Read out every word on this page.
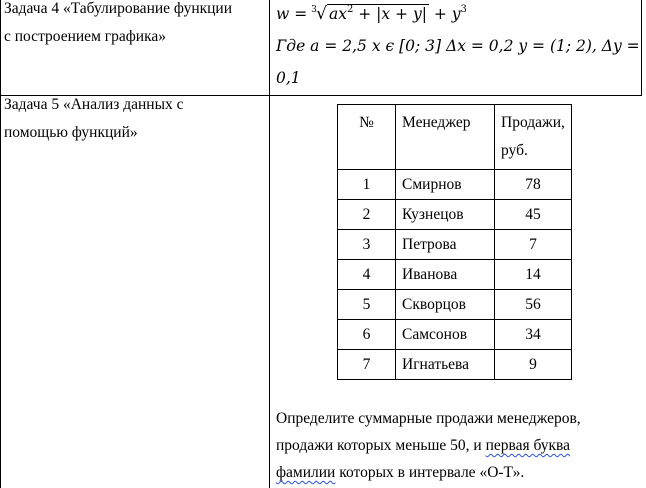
Задача 4 «Табулирование функции
с построением графика»
w = 3 √ $ax^2 + |x + y| + y^3$
Где a = 2,5 x ϵ [0; 3] Δx = 0,2 y = (1; 2), Δy =
0,1
Задача 5 «Анализ данных с
помощью функций»
№	Менеджер	Продажи,
руб.

1	Смирнов	78
2	Кузнецов	45
3	Петрова	7
4	Иванова	14
5	Скворцов	56
6	Самсонов	34
7	Игнатьева	9
Определите суммарные продажи менеджеров,
продажи которых меньше 50, и первая буква
фамилии которых в интервале «О-Т».
